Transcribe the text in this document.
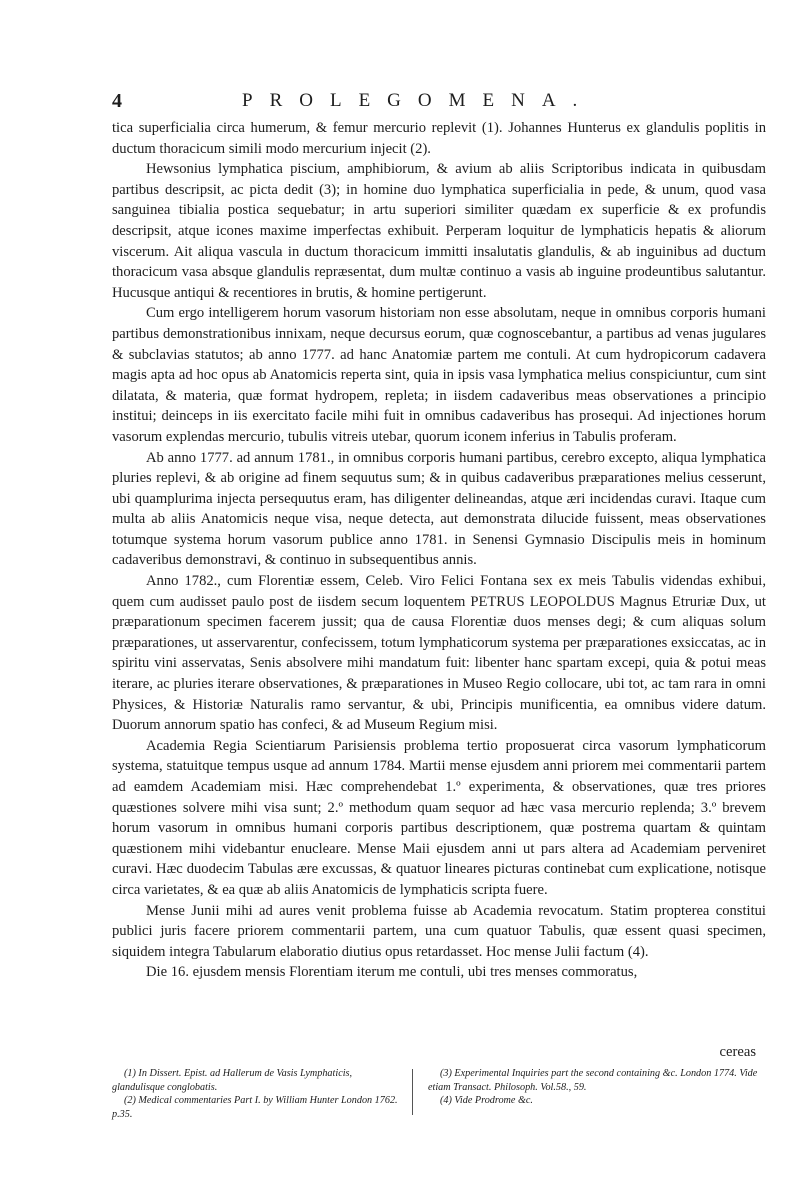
4	PROLEGOMENA.

tica superficialia circa humerum, & femur mercurio replevit (1). Johannes Hunterus ex glandulis poplitis in ductum thoracicum simili modo mercurium injecit (2).

Hewsonius lymphatica piscium, amphibiorum, & avium ab aliis Scriptoribus indicata in quibusdam partibus descripsit, ac picta dedit (3); in homine duo lymphatica superficialia in pede, & unum, quod vasa sanguinea tibialia postica sequebatur; in artu superiori similiter quædam ex superficie & ex profundis descripsit, atque icones maxime imperfectas exhibuit. Perperam loquitur de lymphaticis hepatis & aliorum viscerum. Ait aliqua vascula in ductum thoracicum immitti insalutatis glandulis, & ab inguinibus ad ductum thoracicum vasa absque glandulis repræsentat, dum multæ continuo a vasis ab inguine prodeuntibus salutantur. Hucusque antiqui & recentiores in brutis, & homine pertigerunt.

Cum ergo intelligerem horum vasorum historiam non esse absolutam, neque in omnibus corporis humani partibus demonstrationibus innixam, neque decursus eorum, quæ cognoscebantur, a partibus ad venas jugulares & subclavias statutos; ab anno 1777. ad hanc Anatomiæ partem me contuli. At cum hydropicorum cadavera magis apta ad hoc opus ab Anatomicis reperta sint, quia in ipsis vasa lymphatica melius conspiciuntur, cum sint dilatata, & materia, quæ format hydropem, repleta; in iisdem cadaveribus meas observationes a principio institui; deinceps in iis exercitato facile mihi fuit in omnibus cadaveribus has prosequi. Ad injectiones horum vasorum explendas mercurio, tubulis vitreis utebar, quorum iconem inferius in Tabulis proferam.

Ab anno 1777. ad annum 1781., in omnibus corporis humani partibus, cerebro excepto, aliqua lymphatica pluries replevi, & ab origine ad finem sequutus sum; & in quibus cadaveribus præparationes melius cesserunt, ubi quamplurima injecta persequutus eram, has diligenter delineandas, atque æri incidendas curavi. Itaque cum multa ab aliis Anatomicis neque visa, neque detecta, aut demonstrata dilucide fuissent, meas observationes totumque systema horum vasorum publice anno 1781. in Senensi Gymnasio Discipulis meis in hominum cadaveribus demonstravi, & continuo in subsequentibus annis.

Anno 1782., cum Florentiæ essem, Celeb. Viro Felici Fontana sex ex meis Tabulis videndas exhibui, quem cum audisset paulo post de iisdem secum loquentem PETRUS LEOPOLDUS Magnus Etruriæ Dux, ut præparationum specimen facerem jussit; qua de causa Florentiæ duos menses degi; & cum aliquas solum præparationes, ut asservarentur, confecissem, totum lymphaticorum systema per præparationes exsiccatas, ac in spiritu vini asservatas, Senis absolvere mihi mandatum fuit: libenter hanc spartam excepi, quia & potui meas iterare, ac pluries iterare observationes, & præparationes in Museo Regio collocare, ubi tot, ac tam rara in omni Physices, & Historiæ Naturalis ramo servantur, & ubi, Principis munificentia, ea omnibus videre datum. Duorum annorum spatio has confeci, & ad Museum Regium misi.

Academia Regia Scientiarum Parisiensis problema tertio proposuerat circa vasorum lymphaticorum systema, statuitque tempus usque ad annum 1784. Martii mense ejusdem anni priorem mei commentarii partem ad eamdem Academiam misi. Hæc comprehendebat 1.º experimenta, & observationes, quæ tres priores quæstiones solvere mihi visa sunt; 2.º methodum quam sequor ad hæc vasa mercurio replenda; 3.º brevem horum vasorum in omnibus humani corporis partibus descriptionem, quæ postrema quartam & quintam quæstionem mihi videbantur enucleare. Mense Maii ejusdem anni ut pars altera ad Academiam perveniret curavi. Hæc duodecim Tabulas ære excussas, & quatuor lineares picturas continebat cum explicatione, notisque circa varietates, & ea quæ ab aliis Anatomicis de lymphaticis scripta fuere.

Mense Junii mihi ad aures venit problema fuisse ab Academia revocatum. Statim propterea constitui publici juris facere priorem commentarii partem, una cum quatuor Tabulis, quæ essent quasi specimen, siquidem integra Tabularum elaboratio diutius opus retardasset. Hoc mense Julii factum (4).

Die 16. ejusdem mensis Florentiam iterum me contuli, ubi tres menses commoratus,

cereas
(1) In Dissert. Epist. ad Hallerum de Vasis Lymphaticis, glandulisque conglobatis.
(2) Medical commentaries Part I. by William Hunter London 1762. p.35.
(3) Experimental Inquiries part the second containing &c. London 1774. Vide etiam Transact. Philosoph. Vol.58., 59.
(4) Vide Prodrome &c.
